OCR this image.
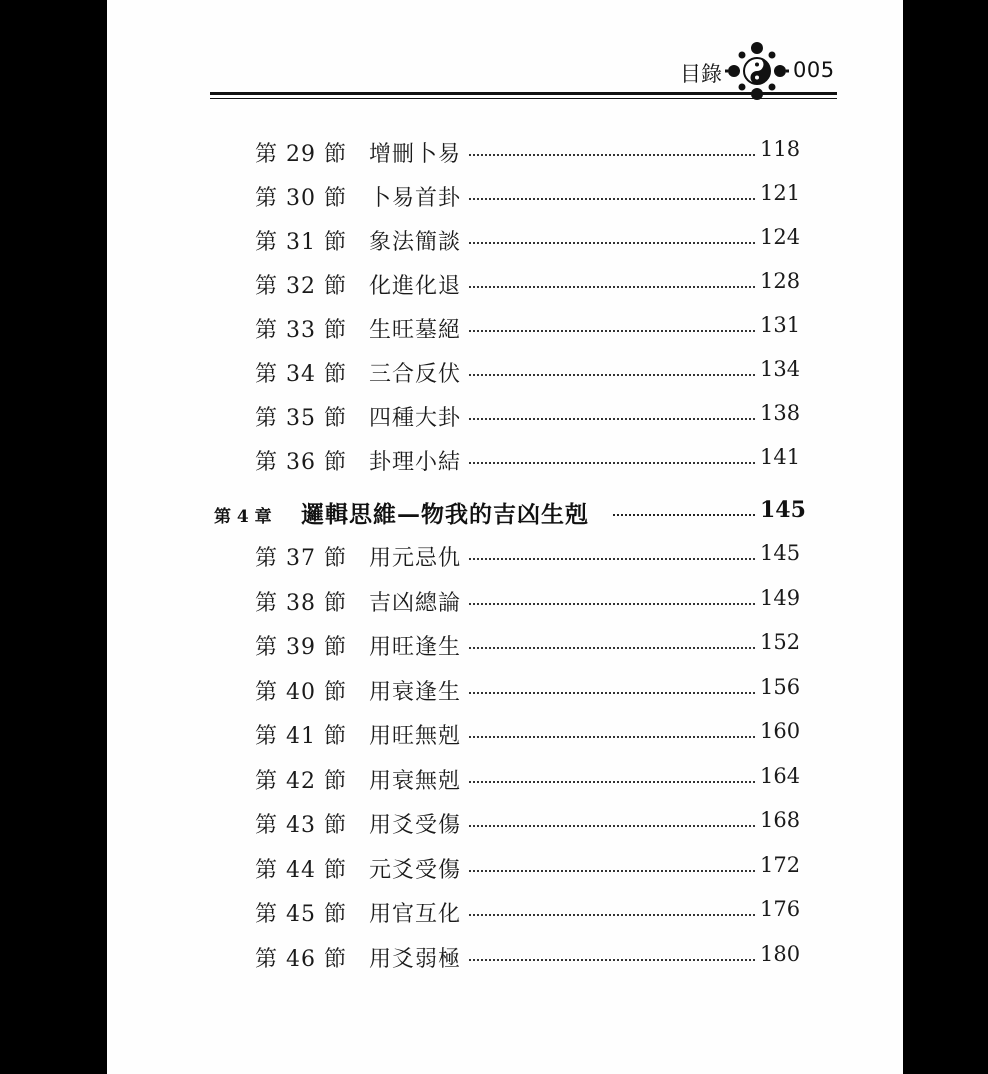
目錄	005
第 29 節	增刪卜易	118
第 30 節	卜易首卦	121
第 31 節	象法簡談	124
第 32 節	化進化退	128
第 33 節	生旺墓絕	131
第 34 節	三合反伏	134
第 35 節	四種大卦	138
第 36 節	卦理小結	141
第 4 章 邏輯思維—物我的吉凶生剋	145
第 37 節	用元忌仇	145
第 38 節	吉凶總論	149
第 39 節	用旺逢生	152
第 40 節	用衰逢生	156
第 41 節	用旺無剋	160
第 42 節	用衰無剋	164
第 43 節	用爻受傷	168
第 44 節	元爻受傷	172
第 45 節	用官互化	176
第 46 節	用爻弱極	180
